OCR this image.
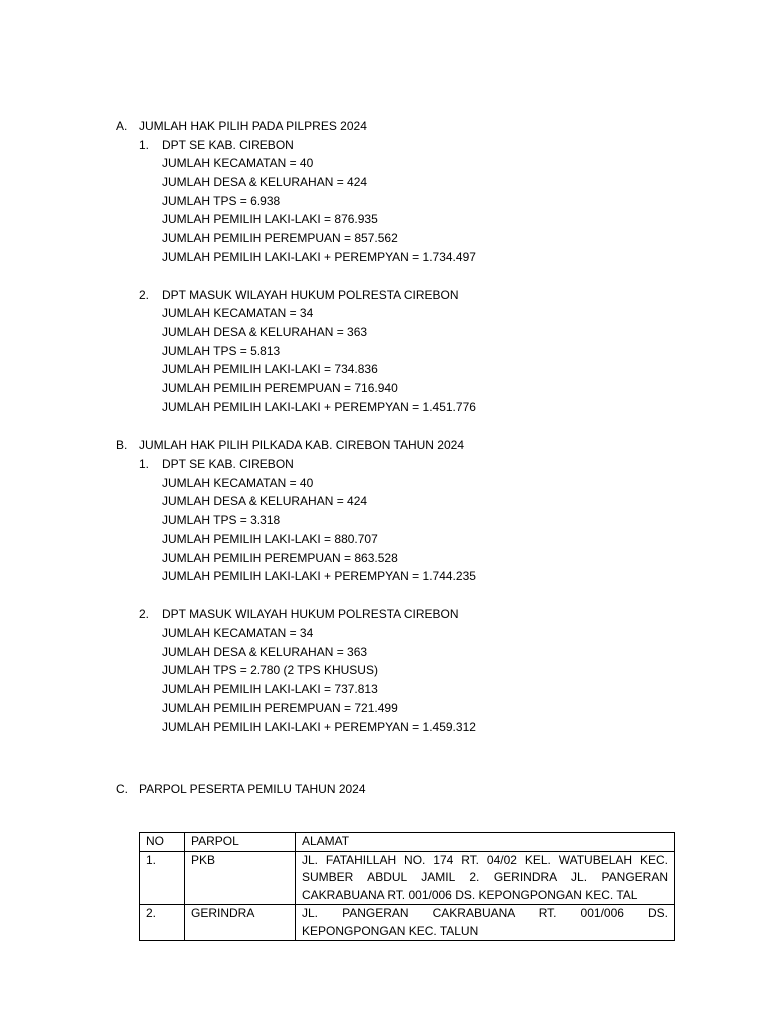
A. JUMLAH HAK PILIH PADA PILPRES 2024
1. DPT SE KAB. CIREBON
JUMLAH KECAMATAN = 40
JUMLAH DESA & KELURAHAN = 424
JUMLAH TPS = 6.938
JUMLAH PEMILIH LAKI-LAKI = 876.935
JUMLAH PEMILIH PEREMPUAN = 857.562
JUMLAH PEMILIH LAKI-LAKI + PEREMPYAN = 1.734.497
2. DPT MASUK WILAYAH HUKUM POLRESTA CIREBON
JUMLAH KECAMATAN = 34
JUMLAH DESA & KELURAHAN = 363
JUMLAH TPS = 5.813
JUMLAH PEMILIH LAKI-LAKI = 734.836
JUMLAH PEMILIH PEREMPUAN = 716.940
JUMLAH PEMILIH LAKI-LAKI + PEREMPYAN = 1.451.776
B. JUMLAH HAK PILIH PILKADA KAB. CIREBON TAHUN 2024
1. DPT SE KAB. CIREBON
JUMLAH KECAMATAN = 40
JUMLAH DESA & KELURAHAN = 424
JUMLAH TPS = 3.318
JUMLAH PEMILIH LAKI-LAKI = 880.707
JUMLAH PEMILIH PEREMPUAN = 863.528
JUMLAH PEMILIH LAKI-LAKI + PEREMPYAN = 1.744.235
2. DPT MASUK WILAYAH HUKUM POLRESTA CIREBON
JUMLAH KECAMATAN = 34
JUMLAH DESA & KELURAHAN = 363
JUMLAH TPS = 2.780 (2 TPS KHUSUS)
JUMLAH PEMILIH LAKI-LAKI = 737.813
JUMLAH PEMILIH PEREMPUAN = 721.499
JUMLAH PEMILIH LAKI-LAKI + PEREMPYAN = 1.459.312
C. PARPOL PESERTA PEMILU TAHUN 2024
NO	PARPOL	ALAMAT
1.	PKB	JL. FATAHILLAH NO. 174 RT. 04/02 KEL. WATUBELAH KEC. SUMBER ABDUL JAMIL 2. GERINDRA JL. PANGERAN CAKRABUANA RT. 001/006 DS. KEPONGPONGAN KEC. TAL
2.	GERINDRA	JL. PANGERAN CAKRABUANA RT. 001/006 DS. KEPONGPONGAN KEC. TALUN
